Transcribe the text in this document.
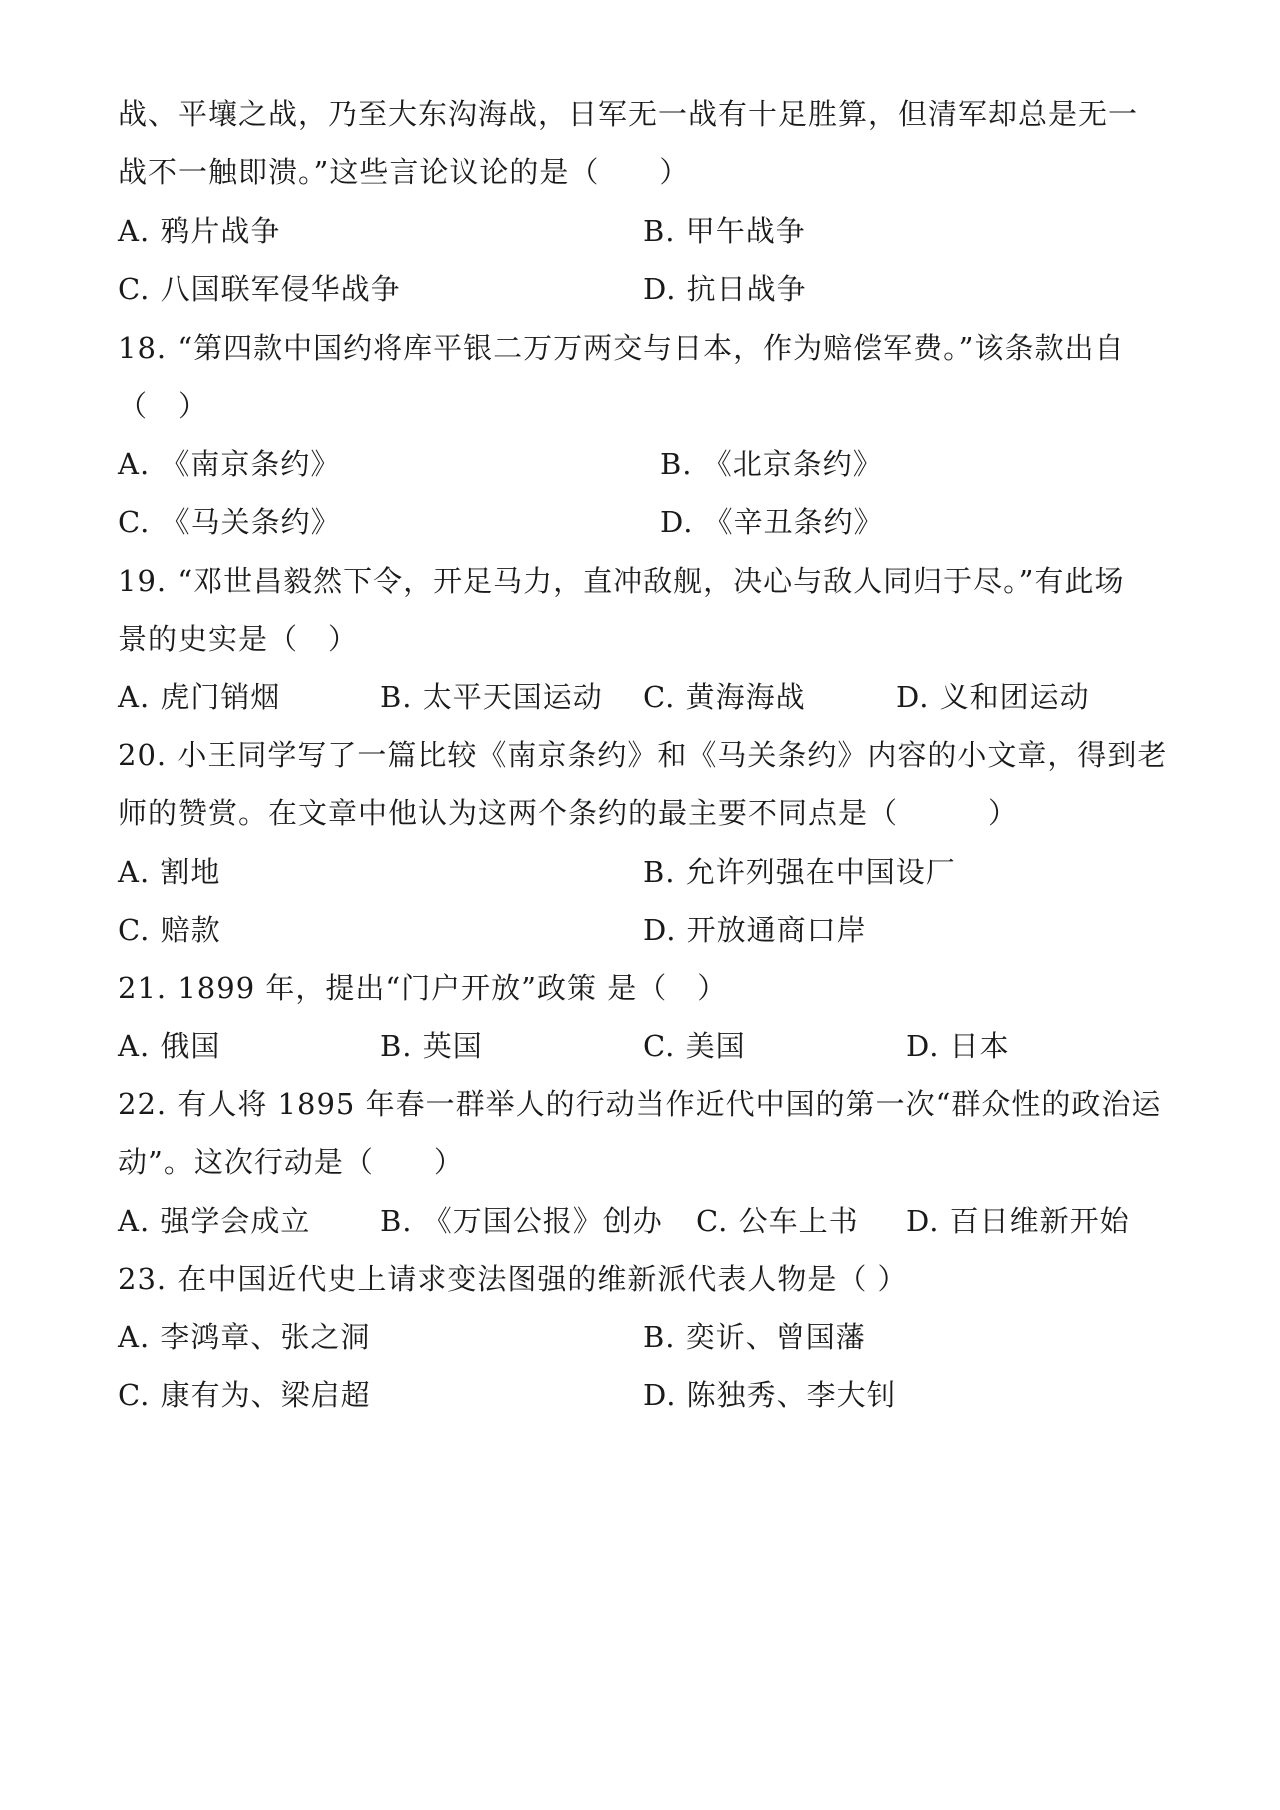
战、平壤之战，乃至大东沟海战，日军无一战有十足胜算，但清军却总是无一
战不一触即溃。”这些言论议论的是（　　）
A. 鸦片战争	B. 甲午战争
C. 八国联军侵华战争	D. 抗日战争
18. “第四款中国约将库平银二万万两交与日本，作为赔偿军费。”该条款出自
（　）
A. 《南京条约》	B. 《北京条约》
C. 《马关条约》	D. 《辛丑条约》
19. “邓世昌毅然下令，开足马力，直冲敌舰，决心与敌人同归于尽。”有此场
景的史实是（　）
A. 虎门销烟	B. 太平天国运动 C. 黄海海战	D. 义和团运动
20. 小王同学写了一篇比较《南京条约》和《马关条约》内容的小文章，得到老
师的赞赏。在文章中他认为这两个条约的最主要不同点是（　　　）
A. 割地	B. 允许列强在中国设厂
C. 赔款	D. 开放通商口岸
21. 1899 年，提出“门户开放”政策 是（　）
A. 俄国	B. 英国	C. 美国	D. 日本
22. 有人将 1895 年春一群举人的行动当作近代中国的第一次“群众性的政治运
动”。这次行动是（　　）
A. 强学会成立 B. 《万国公报》创办 C. 公车上书 D. 百日维新开始
23. 在中国近代史上请求变法图强的维新派代表人物是（ ）
A. 李鸿章、张之洞	B. 奕䜣、曾国藩
C. 康有为、梁启超	D. 陈独秀、李大钊
